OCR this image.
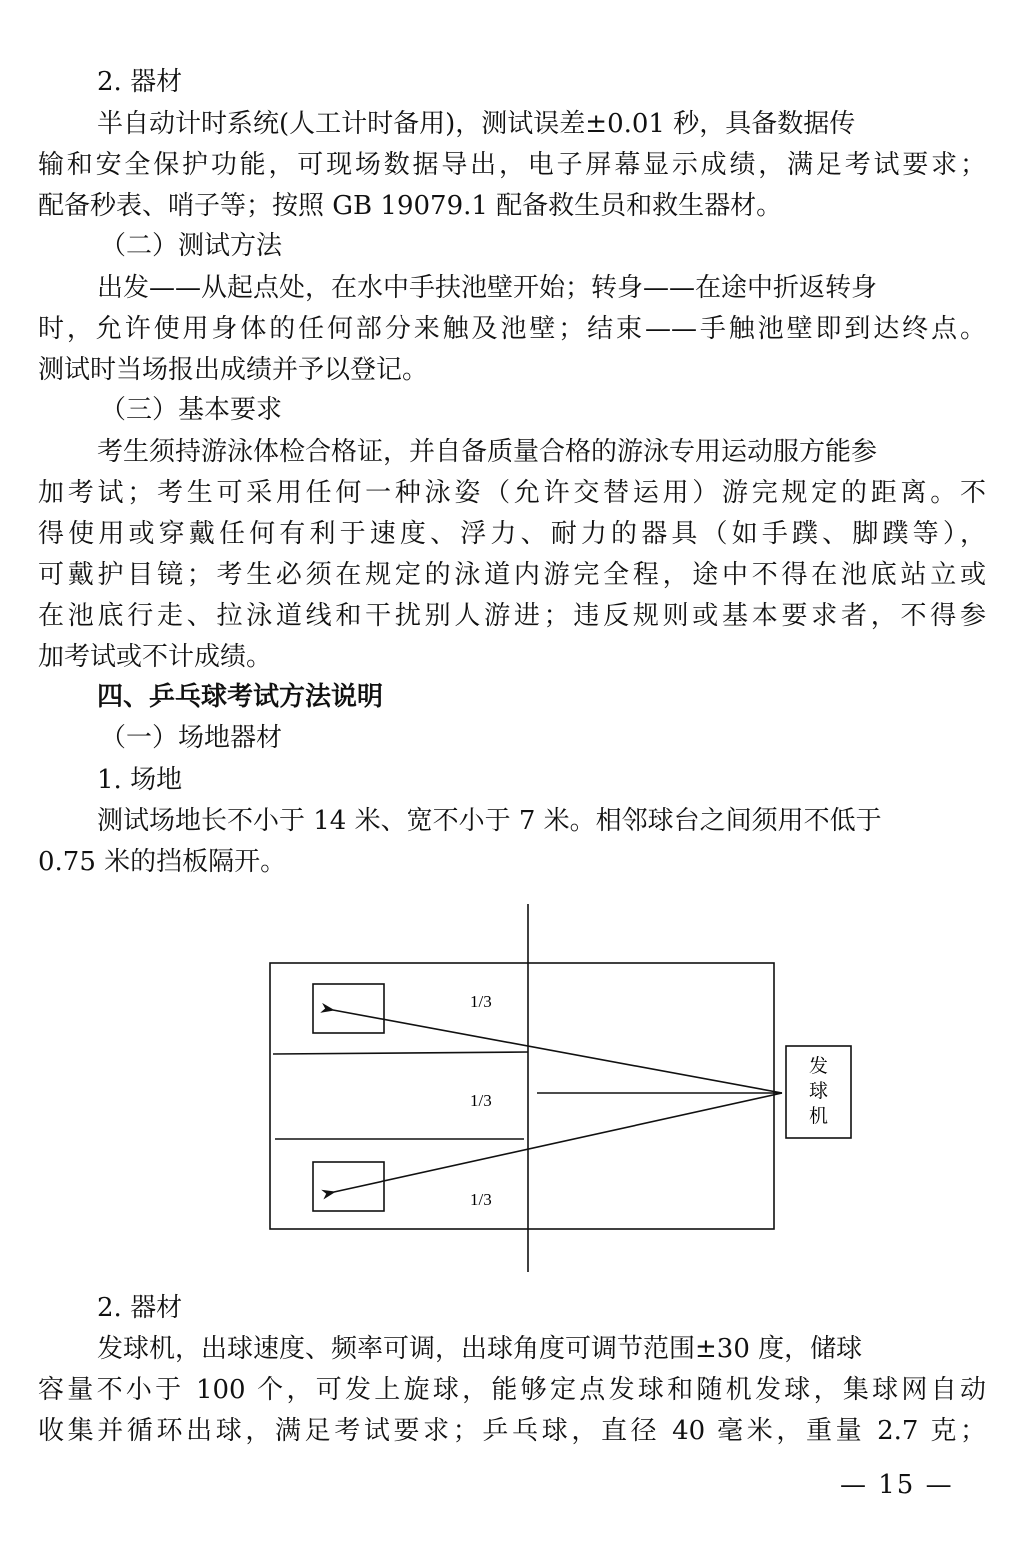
2. 器材
半自动计时系统(人工计时备用)，测试误差±0.01 秒，具备数据传
输和安全保护功能，可现场数据导出，电子屏幕显示成绩，满足考试要求；
配备秒表、哨子等；按照 GB 19079.1 配备救生员和救生器材。
（二）测试方法
出发——从起点处，在水中手扶池壁开始；转身——在途中折返转身
时，允许使用身体的任何部分来触及池壁；结束——手触池壁即到达终点。
测试时当场报出成绩并予以登记。
（三）基本要求
考生须持游泳体检合格证，并自备质量合格的游泳专用运动服方能参
加考试；考生可采用任何一种泳姿（允许交替运用）游完规定的距离。不
得使用或穿戴任何有利于速度、浮力、耐力的器具（如手蹼、脚蹼等），
可戴护目镜；考生必须在规定的泳道内游完全程，途中不得在池底站立或
在池底行走、拉泳道线和干扰别人游进；违反规则或基本要求者，不得参
加考试或不计成绩。
四、乒乓球考试方法说明
（一）场地器材
1. 场地
测试场地长不小于 14 米、宽不小于 7 米。相邻球台之间须用不低于
0.75 米的挡板隔开。
1/3
1/3
1/3
发
球
机
2. 器材
发球机，出球速度、频率可调，出球角度可调节范围±30 度，储球
容量不小于 100 个，可发上旋球，能够定点发球和随机发球，集球网自动
收集并循环出球，满足考试要求；乒乓球，直径 40 毫米，重量 2.7 克；
— 15 —
